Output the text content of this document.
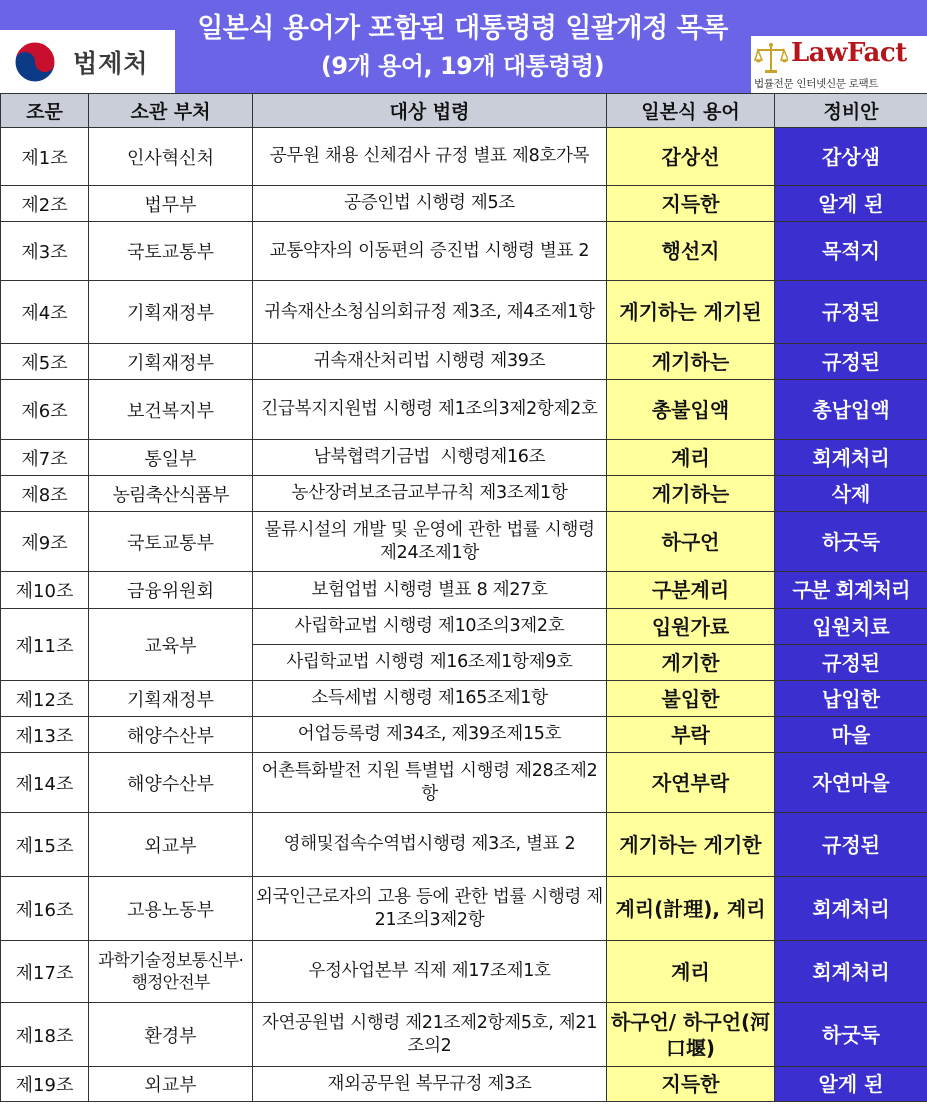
법제처
일본식 용어가 포함된 대통령령 일괄개정 목록
(9개 용어, 19개 대통령령)	LawFact
법률전문 인터넷신문 로팩트
조문	소관 부처	대상 법령	일본식 용어	정비안
제1조	인사혁신처	공무원 채용 신체검사 규정 별표 제8호가목	갑상선	갑상샘
제2조	법무부	공증인법 시행령 제5조	지득한	알게 된
제3조	국토교통부	교통약자의 이동편의 증진법 시행령 별표 2	행선지	목적지
제4조	기획재정부	귀속재산소청심의회규정 제3조, 제4조제1항	게기하는 게기된	규정된
제5조	기획재정부	귀속재산처리법 시행령 제39조	게기하는	규정된
제6조	보건복지부	긴급복지지원법 시행령 제1조의3제2항제2호	총불입액	총납입액
제7조	통일부	남북협력기금법  시행령제16조	계리	회계처리
제8조	농림축산식품부	농산장려보조금교부규칙 제3조제1항	게기하는	삭제
제9조	국토교통부	물류시설의 개발 및 운영에 관한 법률 시행령 제24조제1항	하구언	하굿둑
제10조	금융위원회	보험업법 시행령 별표 8 제27호	구분계리	구분 회계처리
제11조	교육부	사립학교법 시행령 제10조의3제2호	입원가료	입원치료
		사립학교법 시행령 제16조제1항제9호	게기한	규정된
제12조	기획재정부	소득세법 시행령 제165조제1항	불입한	납입한
제13조	해양수산부	어업등록령 제34조, 제39조제15호	부락	마을
제14조	해양수산부	어촌특화발전 지원 특별법 시행령 제28조제2항	자연부락	자연마을
제15조	외교부	영해및접속수역법시행령 제3조, 별표 2	게기하는 게기한	규정된
제16조	고용노동부	외국인근로자의 고용 등에 관한 법률 시행령 제21조의3제2항	계리(計理), 계리	회계처리
제17조	과학기술정보통신부·행정안전부	우정사업본부 직제 제17조제1호	계리	회계처리
제18조	환경부	자연공원법 시행령 제21조제2항제5호, 제21조의2	하구언/ 하구언(河口堰)	하굿둑
제19조	외교부	재외공무원 복무규정 제3조	지득한	알게 된
